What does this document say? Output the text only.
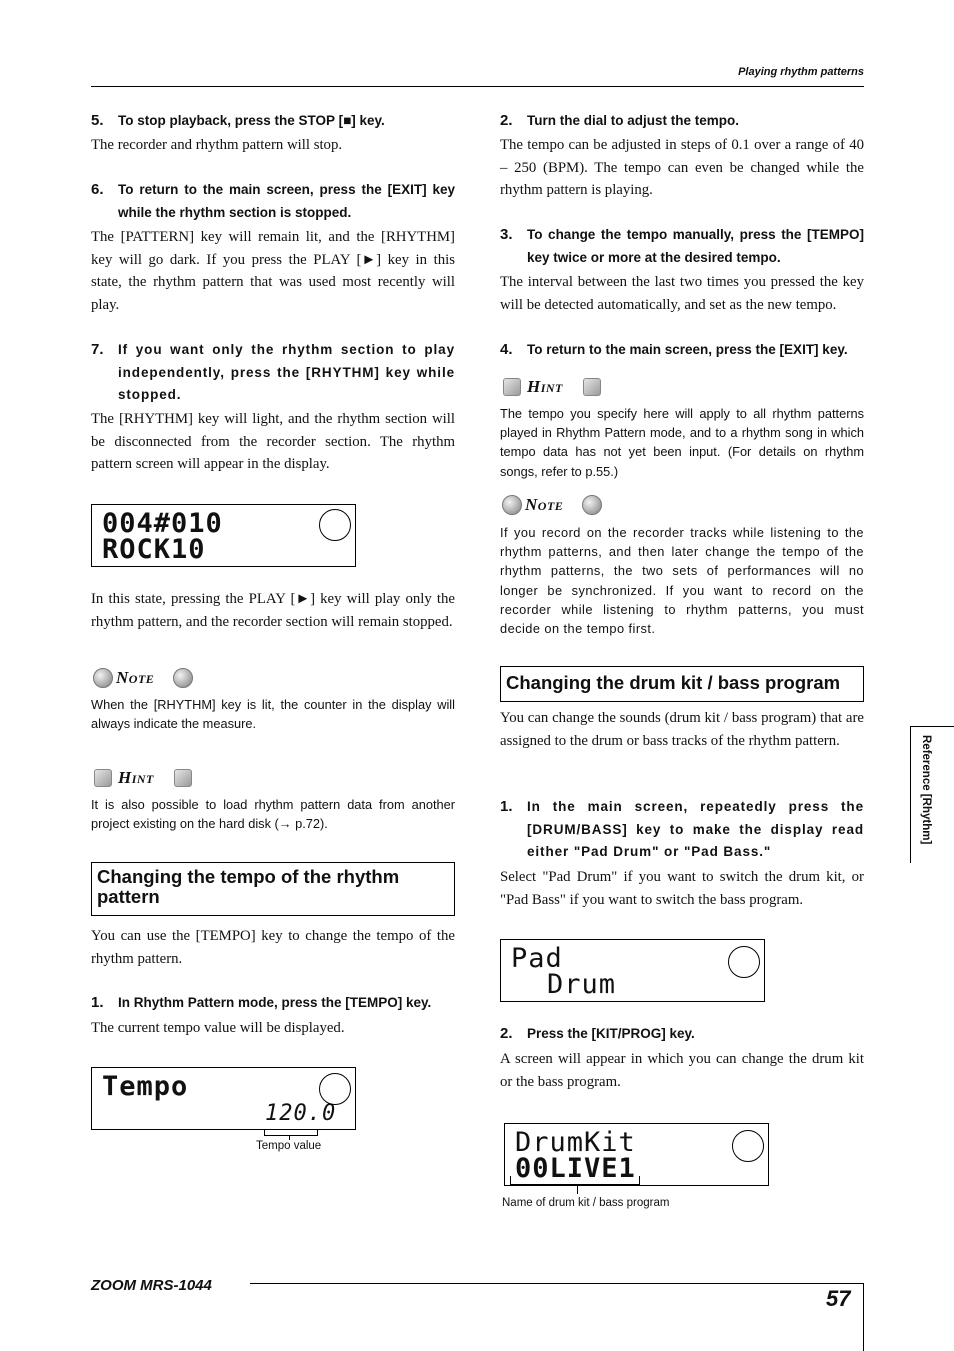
Playing rhythm patterns
5. To stop playback, press the STOP [■] key.
The recorder and rhythm pattern will stop.
6. To return to the main screen, press the [EXIT] key while the rhythm section is stopped.
The [PATTERN] key will remain lit, and the [RHYTHM] key will go dark. If you press the PLAY [►] key in this state, the rhythm pattern that was used most recently will play.
7. If you want only the rhythm section to play independently, press the [RHYTHM] key while stopped.
The [RHYTHM] key will light, and the rhythm section will be disconnected from the recorder section. The rhythm pattern screen will appear in the display.
004#010
ROCK10
In this state, pressing the PLAY [►] key will play only the rhythm pattern, and the recorder section will remain stopped.
Note
When the [RHYTHM] key is lit, the counter in the display will always indicate the measure.
Hint
It is also possible to load rhythm pattern data from another project existing on the hard disk (→ p.72).
Changing the tempo of the rhythm pattern
You can use the [TEMPO] key to change the tempo of the rhythm pattern.
1. In Rhythm Pattern mode, press the [TEMPO] key.
The current tempo value will be displayed.
Tempo
120.0
Tempo value
2. Turn the dial to adjust the tempo.
The tempo can be adjusted in steps of 0.1 over a range of 40 – 250 (BPM). The tempo can even be changed while the rhythm pattern is playing.
3. To change the tempo manually, press the [TEMPO] key twice or more at the desired tempo.
The interval between the last two times you pressed the key will be detected automatically, and set as the new tempo.
4. To return to the main screen, press the [EXIT] key.
Hint
The tempo you specify here will apply to all rhythm patterns played in Rhythm Pattern mode, and to a rhythm song in which tempo data has not yet been input. (For details on rhythm songs, refer to p.55.)
Note
If you record on the recorder tracks while listening to the rhythm patterns, and then later change the tempo of the rhythm patterns, the two sets of performances will no longer be synchronized. If you want to record on the recorder while listening to rhythm patterns, you must decide on the tempo first.
Changing the drum kit / bass program
You can change the sounds (drum kit / bass program) that are assigned to the drum or bass tracks of the rhythm pattern.
1. In the main screen, repeatedly press the [DRUM/BASS] key to make the display read either "Pad Drum" or "Pad Bass."
Select "Pad Drum" if you want to switch the drum kit, or "Pad Bass" if you want to switch the bass program.
Pad
Drum
2. Press the [KIT/PROG] key.
A screen will appear in which you can change the drum kit or the bass program.
DrumKit
00LIVE1
Name of drum kit / bass program
Reference [Rhythm]
ZOOM MRS-1044
57
